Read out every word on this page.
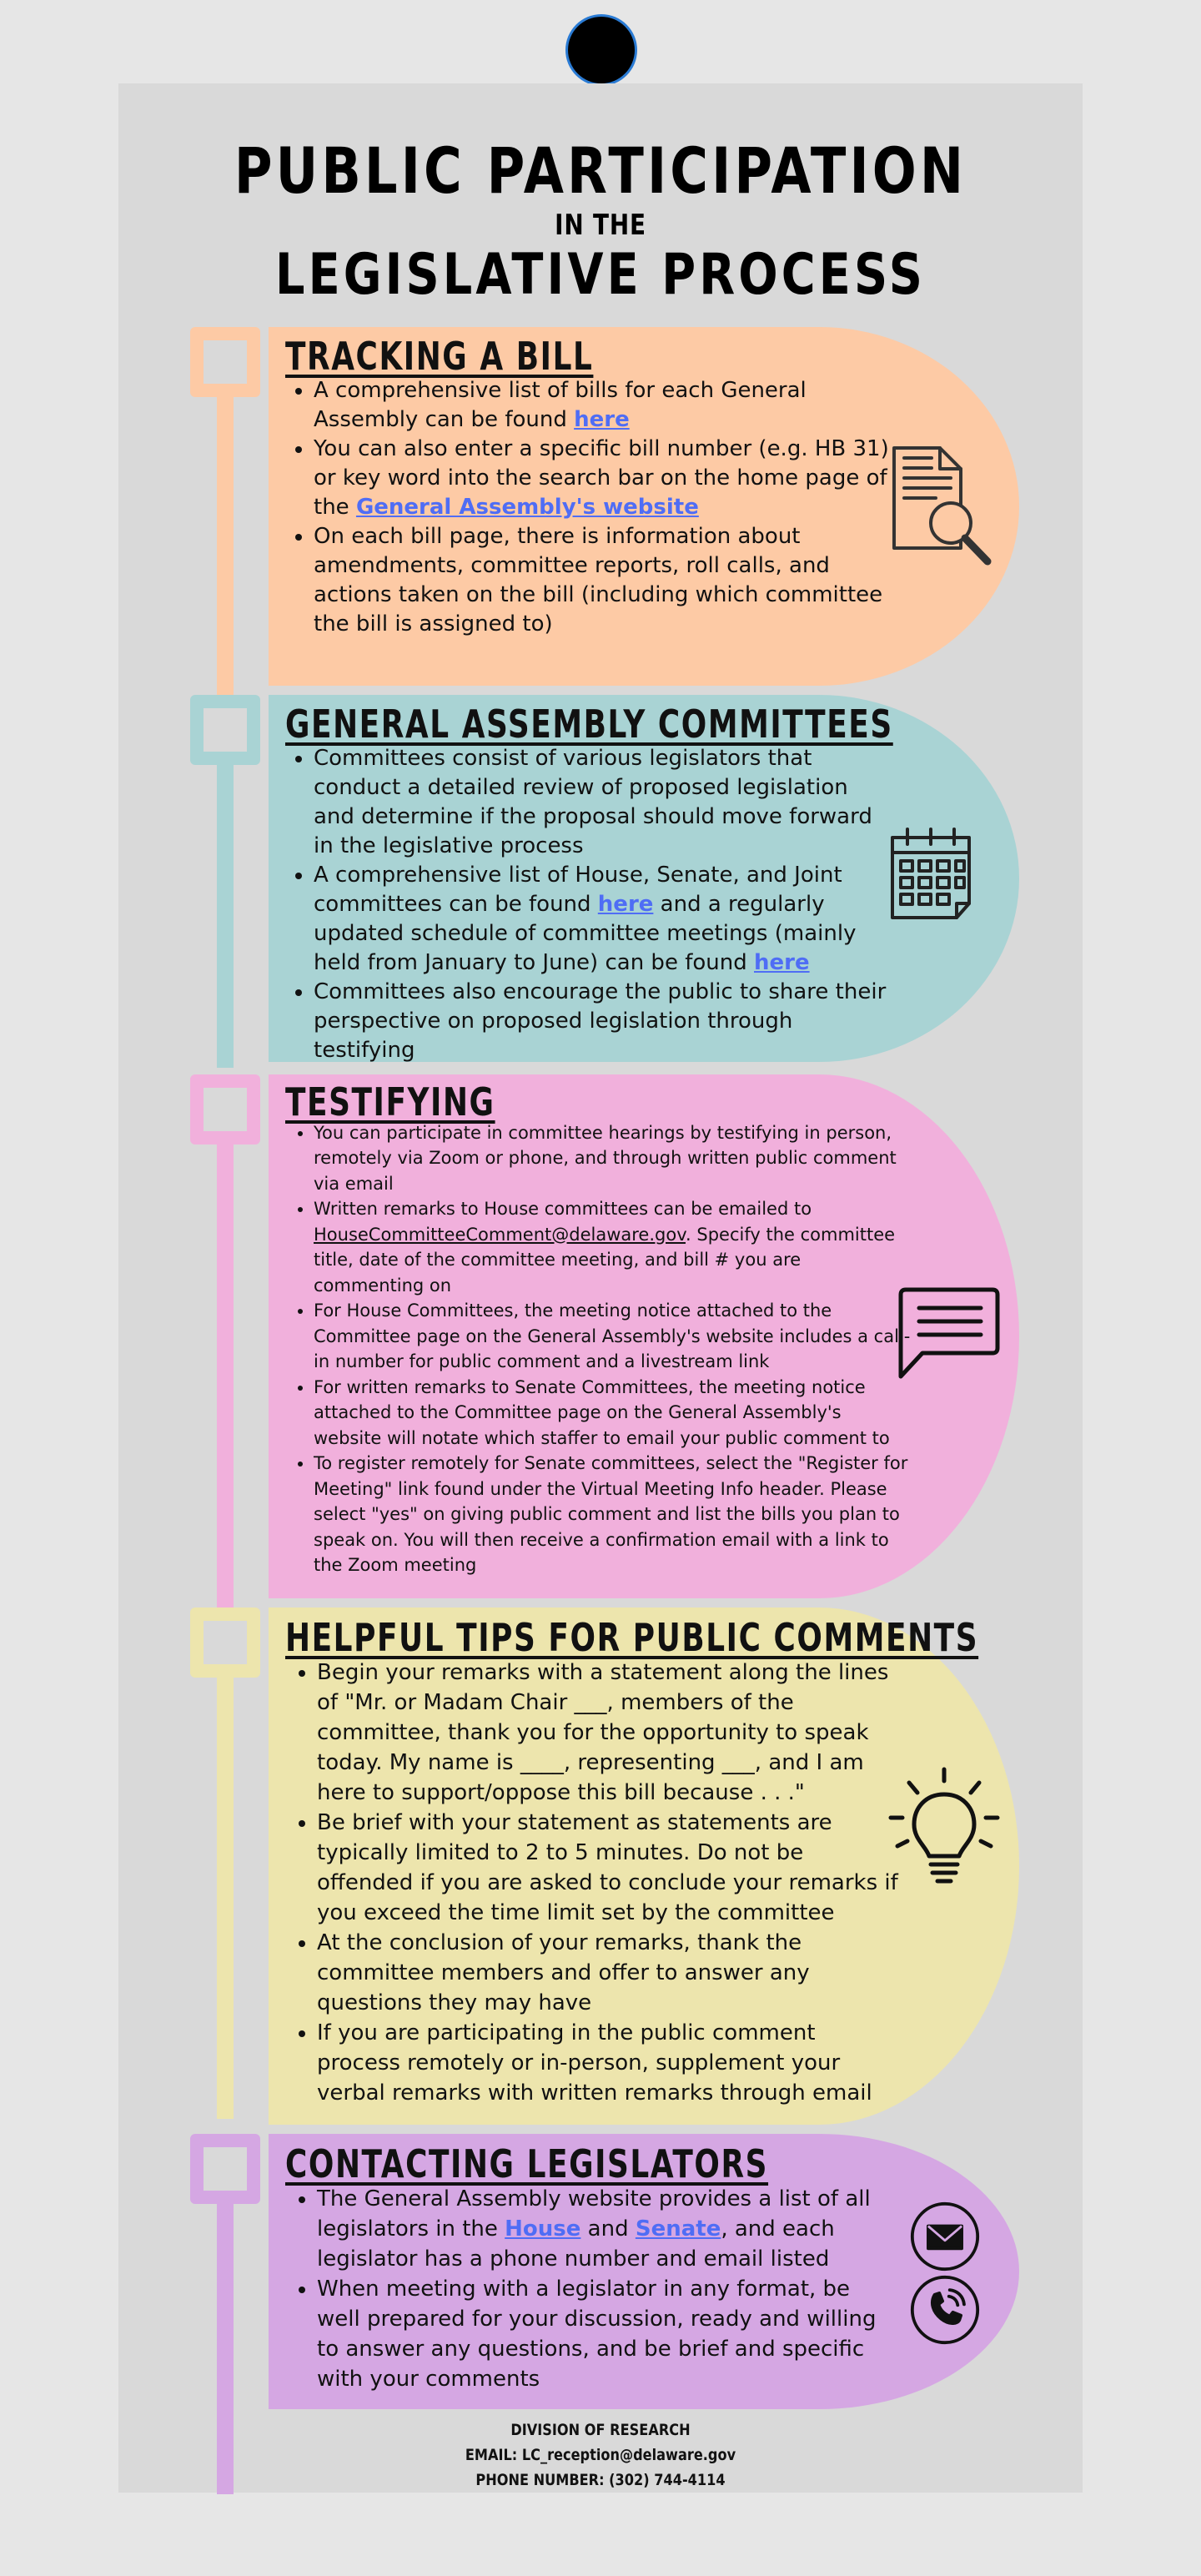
PUBLIC PARTICIPATION
IN THE
LEGISLATIVE PROCESS
TRACKING A BILL
• A comprehensive list of bills for each General Assembly can be found here
• You can also enter a specific bill number (e.g. HB 31) or key word into the search bar on the home page of the General Assembly's website
• On each bill page, there is information about amendments, committee reports, roll calls, and actions taken on the bill (including which committee the bill is assigned to)
GENERAL ASSEMBLY COMMITTEES
• Committees consist of various legislators that conduct a detailed review of proposed legislation and determine if the proposal should move forward in the legislative process
• A comprehensive list of House, Senate, and Joint committees can be found here and a regularly updated schedule of committee meetings (mainly held from January to June) can be found here
• Committees also encourage the public to share their perspective on proposed legislation through testifying
TESTIFYING
• You can participate in committee hearings by testifying in person, remotely via Zoom or phone, and through written public comment via email
• Written remarks to House committees can be emailed to HouseCommitteeComment@delaware.gov. Specify the committee title, date of the committee meeting, and bill # you are commenting on
• For House Committees, the meeting notice attached to the Committee page on the General Assembly's website includes a call-in number for public comment and a livestream link
• For written remarks to Senate Committees, the meeting notice attached to the Committee page on the General Assembly's website will notate which staffer to email your public comment to
• To register remotely for Senate committees, select the "Register for Meeting" link found under the Virtual Meeting Info header. Please select "yes" on giving public comment and list the bills you plan to speak on. You will then receive a confirmation email with a link to the Zoom meeting
HELPFUL TIPS FOR PUBLIC COMMENTS
• Begin your remarks with a statement along the lines of "Mr. or Madam Chair ___, members of the committee, thank you for the opportunity to speak today. My name is ____, representing ___, and I am here to support/oppose this bill because . . ."
• Be brief with your statement as statements are typically limited to 2 to 5 minutes. Do not be offended if you are asked to conclude your remarks if you exceed the time limit set by the committee
• At the conclusion of your remarks, thank the committee members and offer to answer any questions they may have
• If you are participating in the public comment process remotely or in-person, supplement your verbal remarks with written remarks through email
CONTACTING LEGISLATORS
• The General Assembly website provides a list of all legislators in the House and Senate, and each legislator has a phone number and email listed
• When meeting with a legislator in any format, be well prepared for your discussion, ready and willing to answer any questions, and be brief and specific with your comments
DIVISION OF RESEARCH
EMAIL: LC_reception@delaware.gov
PHONE NUMBER: (302) 744-4114
